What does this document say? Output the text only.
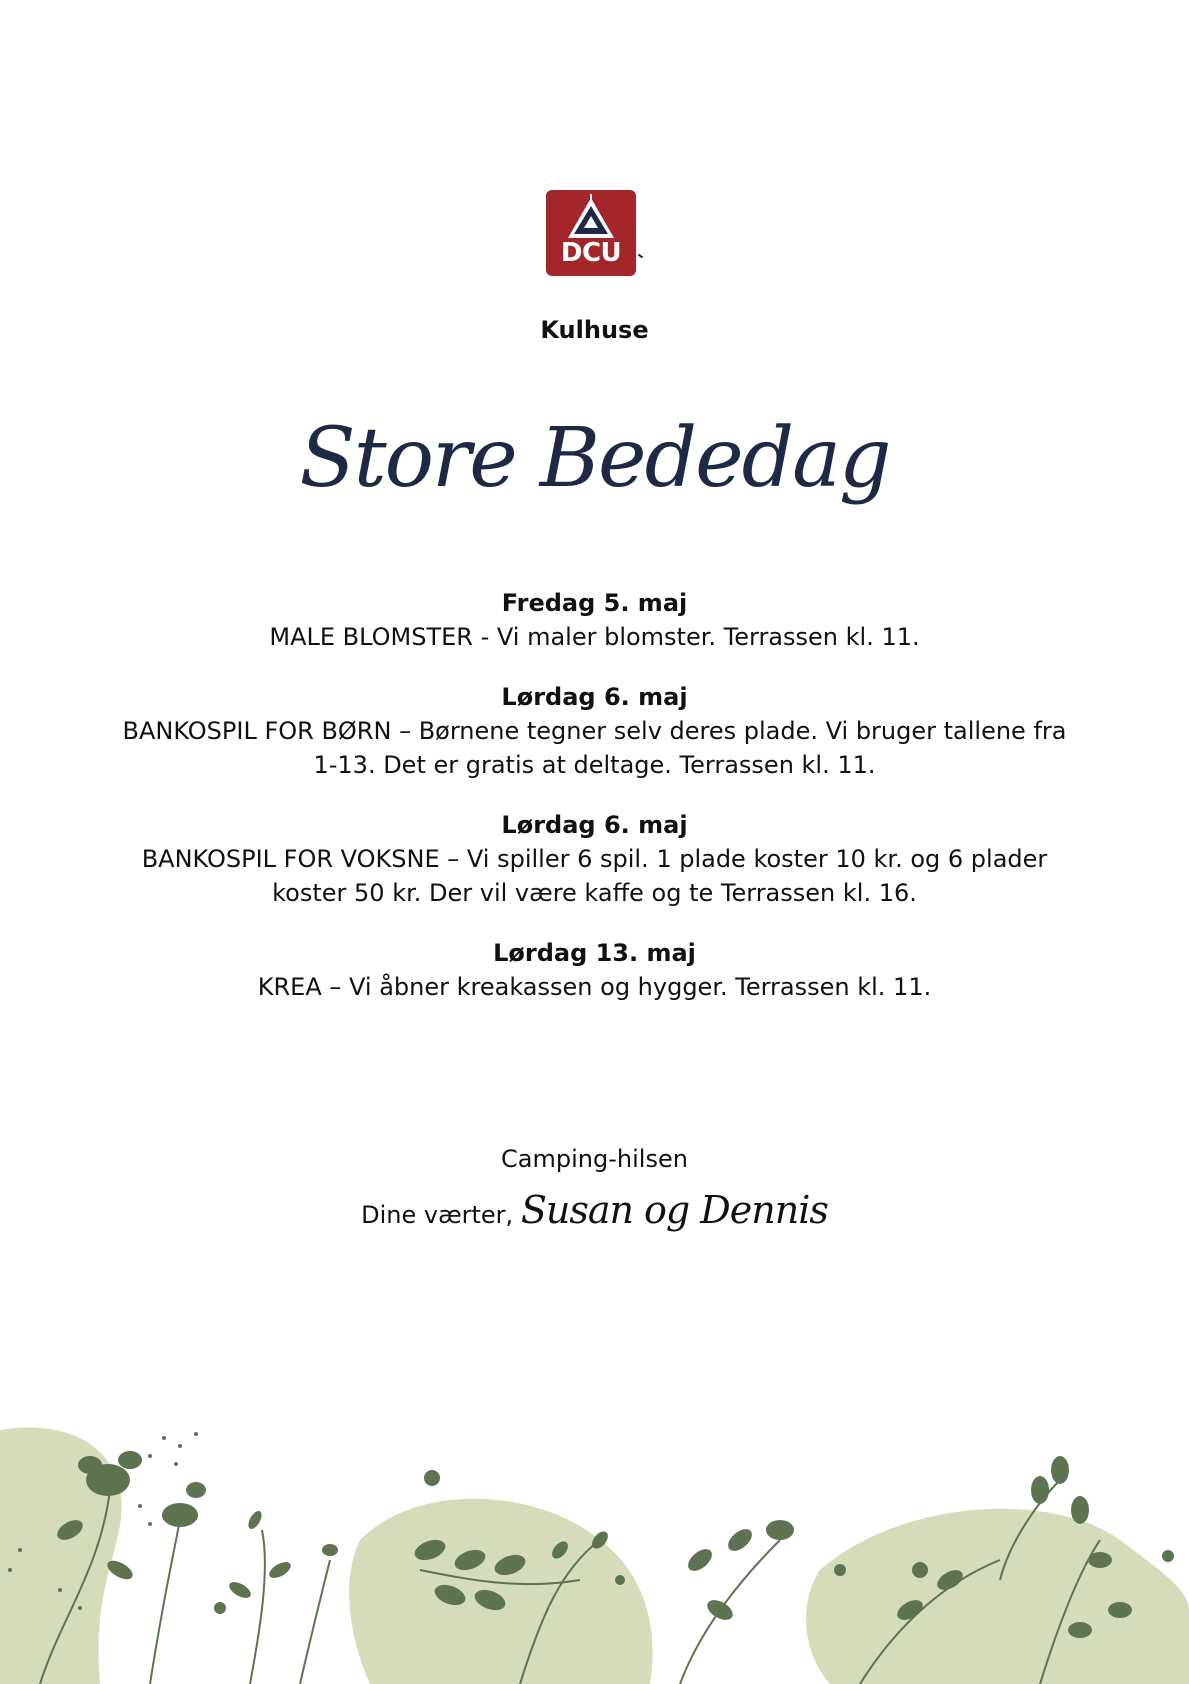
DCU
Kulhuse
Store Bededag
Fredag 5. maj
MALE BLOMSTER - Vi maler blomster. Terrassen kl. 11.
Lørdag 6. maj
BANKOSPIL FOR BØRN – Børnene tegner selv deres plade. Vi bruger tallene fra 1-13. Det er gratis at deltage. Terrassen kl. 11.
Lørdag 6. maj
BANKOSPIL FOR VOKSNE – Vi spiller 6 spil. 1 plade koster 10 kr. og 6 plader koster 50 kr. Der vil være kaffe og te Terrassen kl. 16.
Lørdag 13. maj
KREA – Vi åbner kreakassen og hygger. Terrassen kl. 11.
Camping-hilsen
Dine værter, Susan og Dennis
